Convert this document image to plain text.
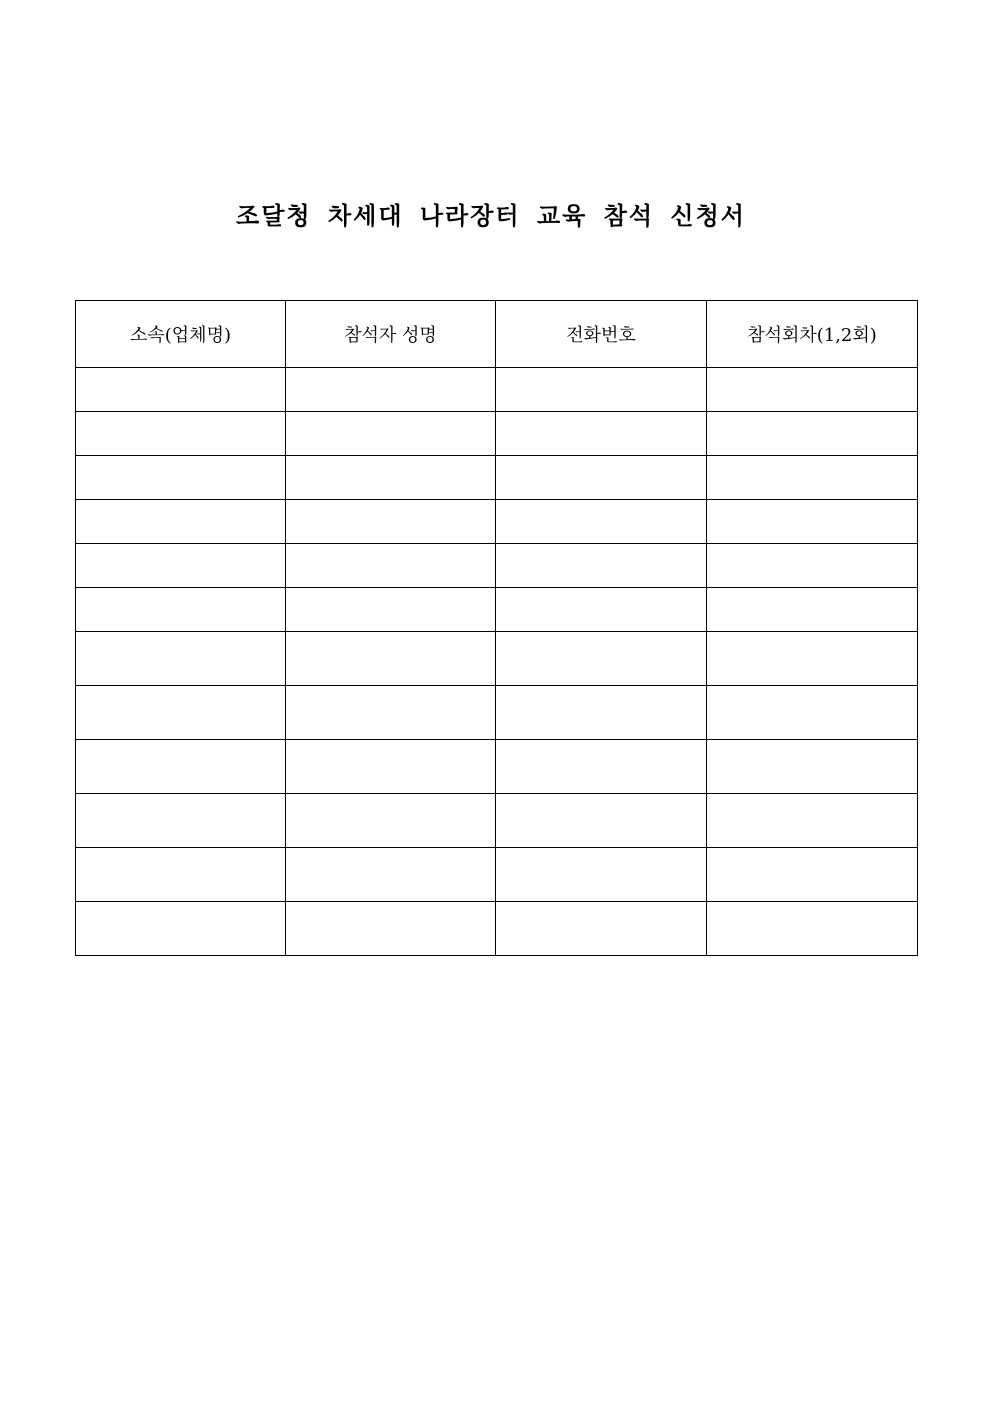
조달청 차세대 나라장터 교육 참석 신청서
소속(업체명)	참석자 성명	전화번호	참석회차(1,2회)
